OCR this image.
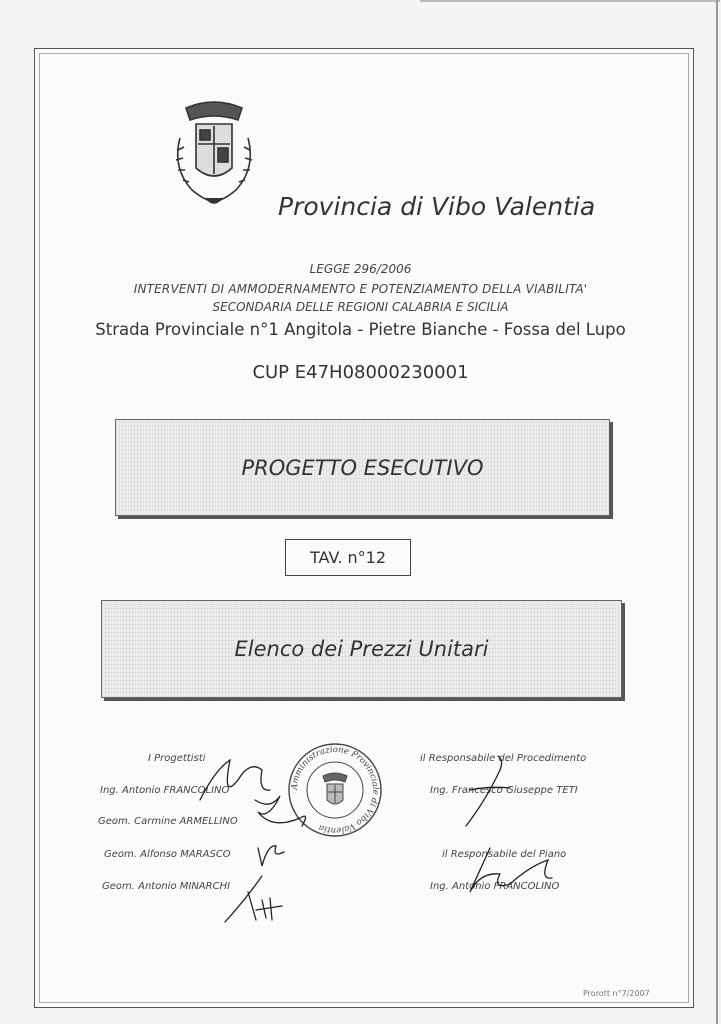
Provincia di Vibo Valentia
LEGGE 296/2006
INTERVENTI DI AMMODERNAMENTO E POTENZIAMENTO DELLA VIABILITA'
SECONDARIA DELLE REGIONI CALABRIA E SICILIA
Strada Provinciale n°1 Angitola - Pietre Bianche - Fossa del Lupo
CUP E47H08000230001
PROGETTO ESECUTIVO
TAV. n°12
Elenco dei Prezzi Unitari
I Progettisti
Ing. Antonio FRANCOLINO
Geom. Carmine ARMELLINO
Geom. Alfonso MARASCO
Geom. Antonio MINARCHI
il Responsabile del Procedimento
Ing. Francesco Giuseppe TETI
il Responsabile del Piano
Ing. Antonio FRANCOLINO
Amministrazione Provinciale di Vibo Valentia
Prorott n°7/2007
